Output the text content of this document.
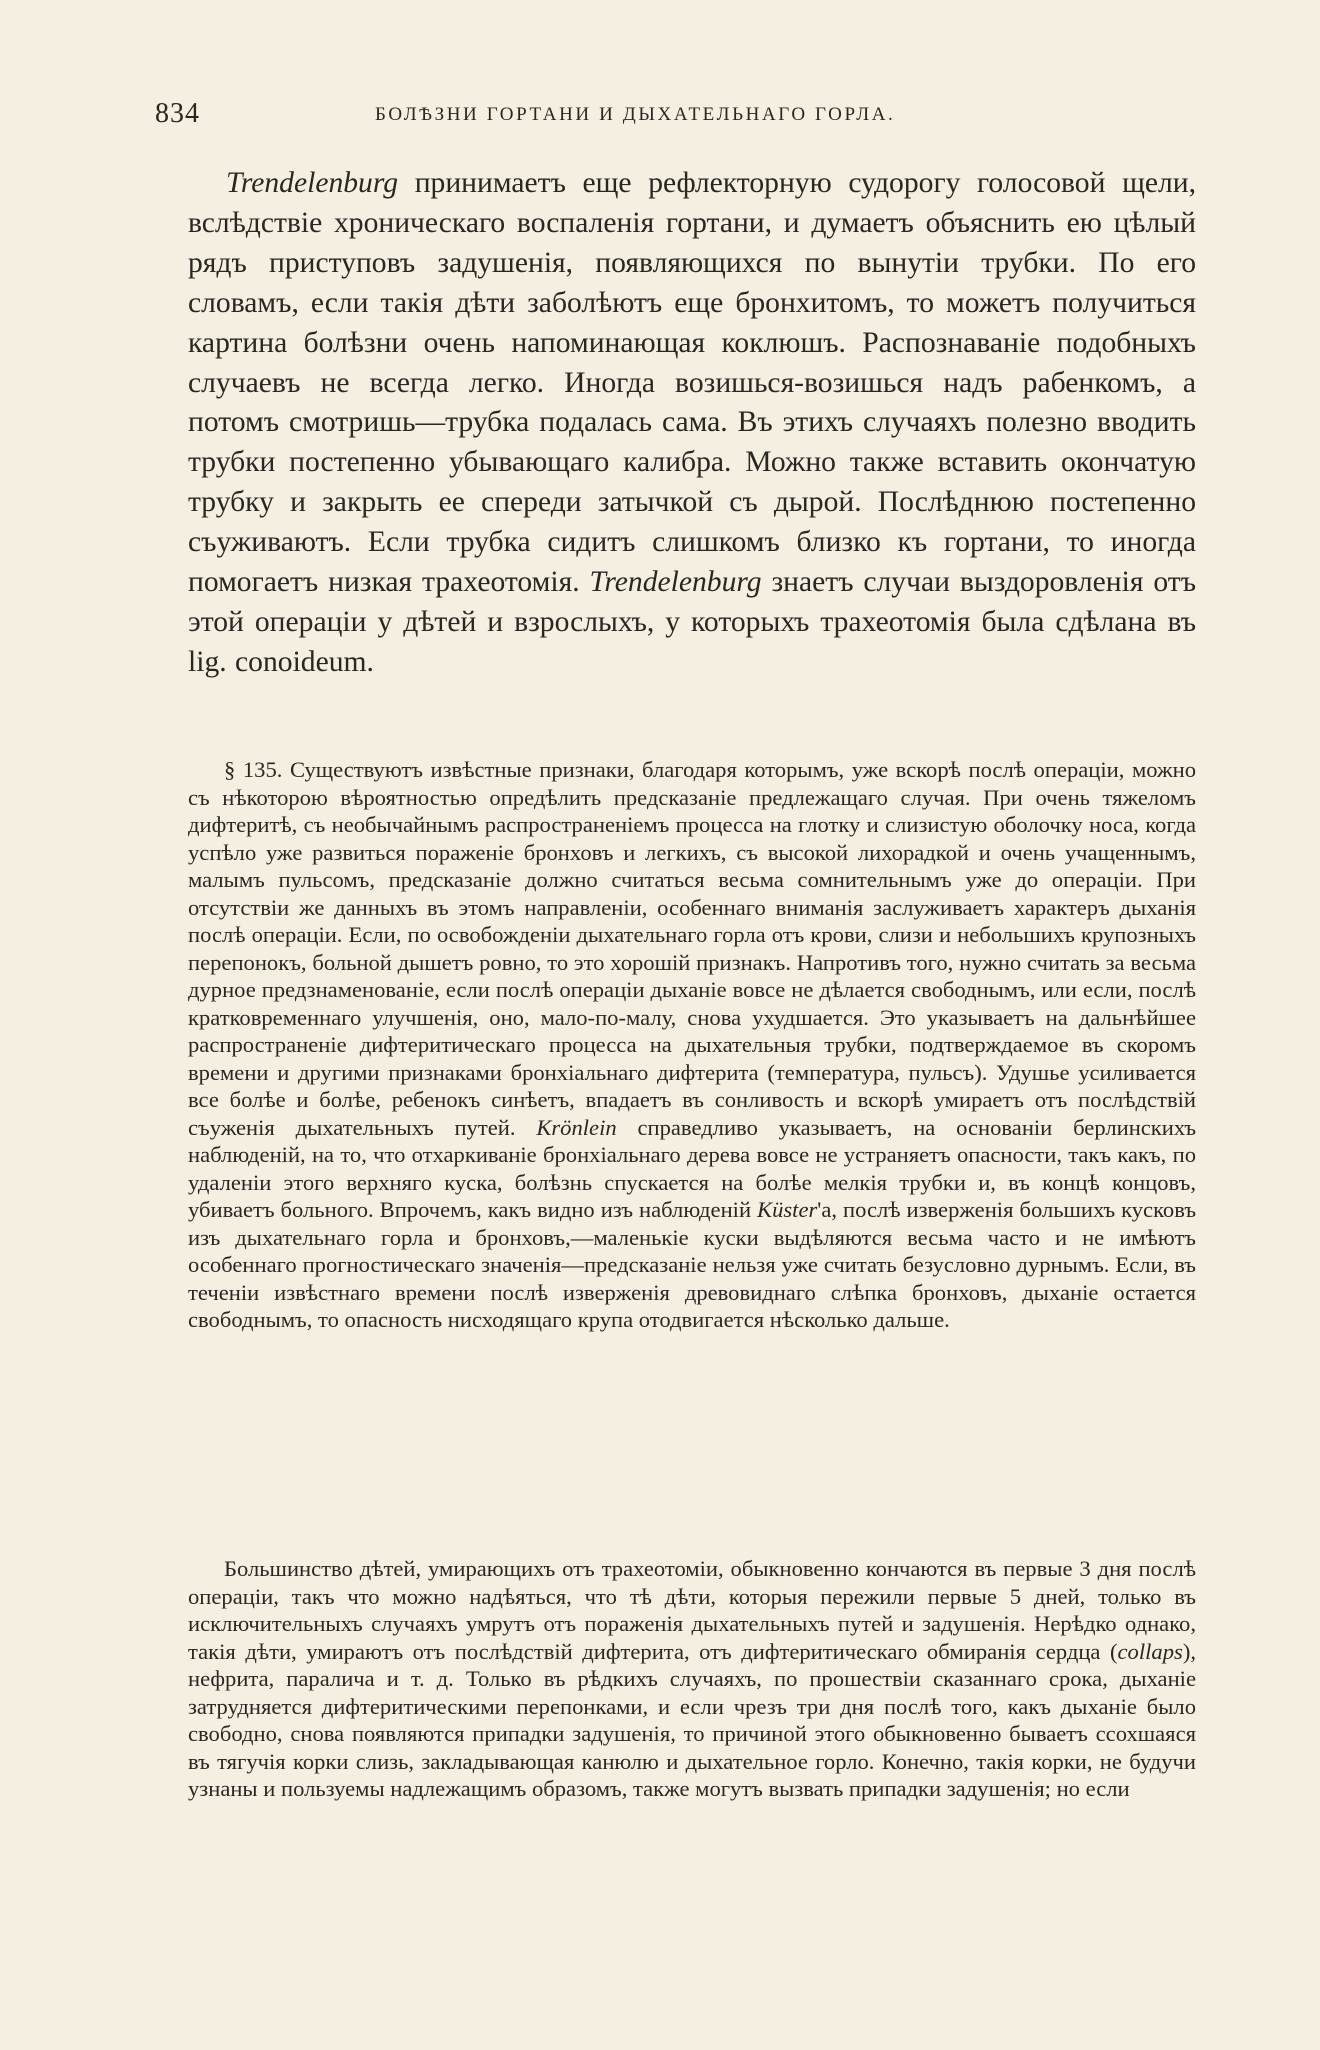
834	БОЛѢЗНИ ГОРТАНИ И ДЫХАТЕЛЬНАГО ГОРЛА.

Trendelenburg принимаетъ еще рефлекторную судорогу голосовой щели, вслѣдствіе хроническаго воспаленія гортани, и думаетъ объяснить ею цѣлый рядъ приступовъ задушенія, появляющихся по вынутіи трубки. По его словамъ, если такія дѣти заболѣютъ еще бронхитомъ, то можетъ получиться картина болѣзни очень напоминающая коклюшъ. Распознаваніе подобныхъ случаевъ не всегда легко. Иногда возишься-возишься надъ рабенкомъ, а потомъ смотришь—трубка подалась сама. Въ этихъ случаяхъ полезно вводить трубки постепенно убывающаго калибра. Можно также вставить окончатую трубку и закрыть ее спереди затычкой съ дырой. Послѣднюю постепенно съуживаютъ. Если трубка сидитъ слишкомъ близко къ гортани, то иногда помогаетъ низкая трахеотомія. Trendelenburg знаетъ случаи выздоровленія отъ этой операціи у дѣтей и взрослыхъ, у которыхъ трахеотомія была сдѣлана въ lig. conoideum.

§ 135. Существуютъ извѣстные признаки, благодаря которымъ, уже вскорѣ послѣ операціи, можно съ нѣкоторою вѣроятностью опредѣлить предсказаніе предлежащаго случая. При очень тяжеломъ дифтеритѣ, съ необычайнымъ распространеніемъ процесса на глотку и слизистую оболочку носа, когда успѣло уже развиться пораженіе бронховъ и легкихъ, съ высокой лихорадкой и очень учащеннымъ, малымъ пульсомъ, предсказаніе должно считаться весьма сомнительнымъ уже до операціи. При отсутствіи же данныхъ въ этомъ направленіи, особеннаго вниманія заслуживаетъ характеръ дыханія послѣ операціи. Если, по освобожденіи дыхательнаго горла отъ крови, слизи и небольшихъ крупозныхъ перепонокъ, больной дышетъ ровно, то это хорошій признакъ. Напротивъ того, нужно считать за весьма дурное предзнаменованіе, если послѣ операціи дыханіе вовсе не дѣлается свободнымъ, или если, послѣ кратковременнаго улучшенія, оно, мало-по-малу, снова ухудшается. Это указываетъ на дальнѣйшее распространеніе дифтеритическаго процесса на дыхательныя трубки, подтверждаемое въ скоромъ времени и другими признаками бронхіальнаго дифтерита (температура, пульсъ). Удушье усиливается все болѣе и болѣе, ребенокъ синѣетъ, впадаетъ въ сонливость и вскорѣ умираетъ отъ послѣдствій съуженія дыхательныхъ путей. Krönlein справедливо указываетъ, на основаніи берлинскихъ наблюденій, на то, что отхаркиваніе бронхіальнаго дерева вовсе не устраняетъ опасности, такъ какъ, по удаленіи этого верхняго куска, болѣзнь спускается на болѣе мелкія трубки и, въ концѣ концовъ, убиваетъ больного. Впрочемъ, какъ видно изъ наблюденій Küster'а, послѣ изверженія большихъ кусковъ изъ дыхательнаго горла и бронховъ,—маленькіе куски выдѣляются весьма часто и не имѣютъ особеннаго прогностическаго значенія—предсказаніе нельзя уже считать безусловно дурнымъ. Если, въ теченіи извѣстнаго времени послѣ изверженія древовиднаго слѣпка бронховъ, дыханіе остается свободнымъ, то опасность нисходящаго крупа отодвигается нѣсколько дальше.

Большинство дѣтей, умирающихъ отъ трахеотоміи, обыкновенно кончаются въ первые 3 дня послѣ операціи, такъ что можно надѣяться, что тѣ дѣти, которыя пережили первые 5 дней, только въ исключительныхъ случаяхъ умрутъ отъ пораженія дыхательныхъ путей и задушенія. Нерѣдко однако, такія дѣти, умираютъ отъ послѣдствій дифтерита, отъ дифтеритическаго обмиранія сердца (collaps), нефрита, паралича и т. д. Только въ рѣдкихъ случаяхъ, по прошествіи сказаннаго срока, дыханіе затрудняется дифтеритическими перепонками, и если чрезъ три дня послѣ того, какъ дыханіе было свободно, снова появляются припадки задушенія, то причиной этого обыкновенно бываетъ ссохшаяся въ тягучія корки слизь, закладывающая канюлю и дыхательное горло. Конечно, такія корки, не будучи узнаны и пользуемы надлежащимъ образомъ, также могутъ вызвать припадки задушенія; но если
